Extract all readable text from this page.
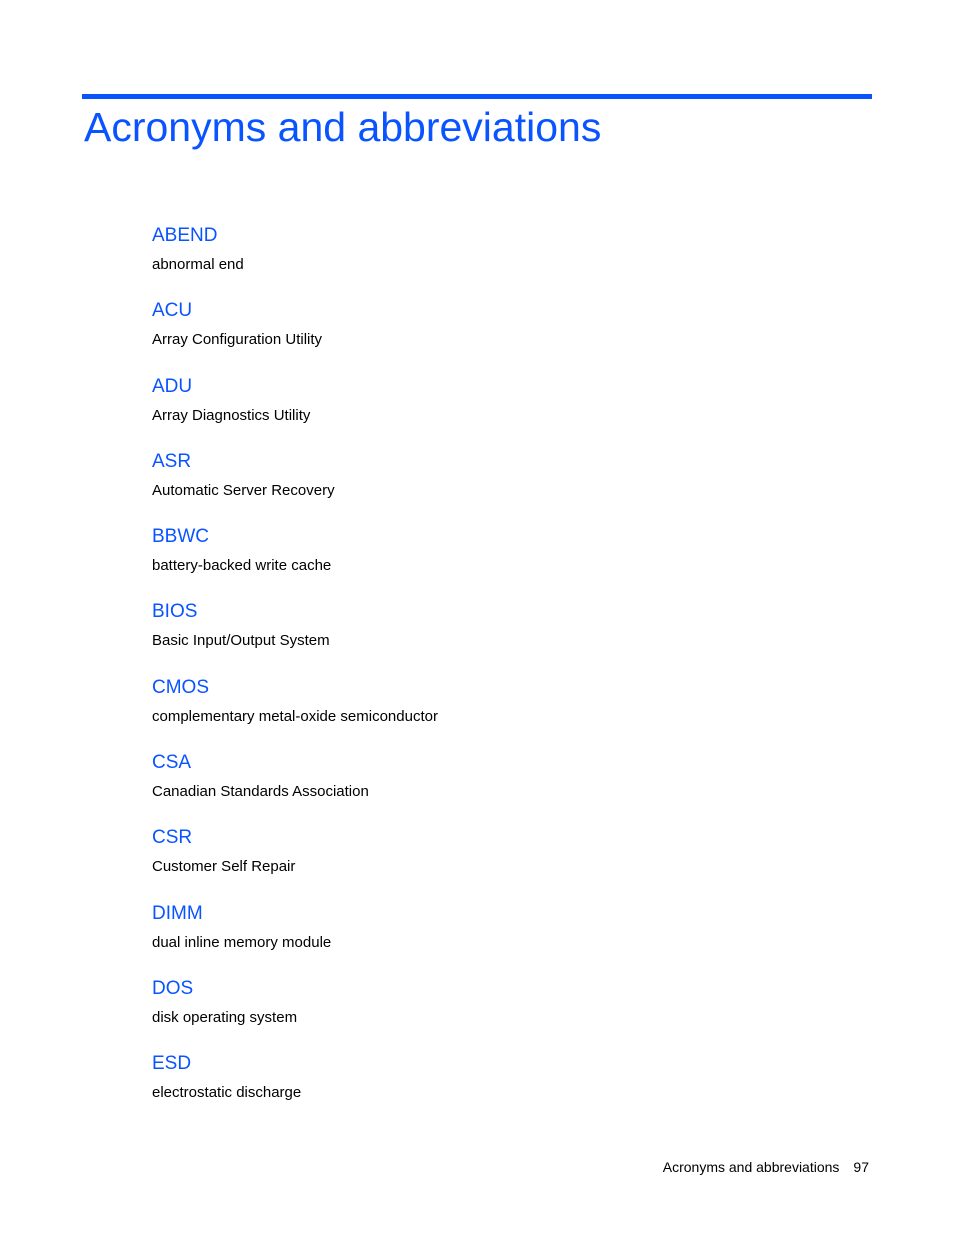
Acronyms and abbreviations
ABEND
abnormal end
ACU
Array Configuration Utility
ADU
Array Diagnostics Utility
ASR
Automatic Server Recovery
BBWC
battery-backed write cache
BIOS
Basic Input/Output System
CMOS
complementary metal-oxide semiconductor
CSA
Canadian Standards Association
CSR
Customer Self Repair
DIMM
dual inline memory module
DOS
disk operating system
ESD
electrostatic discharge
Acronyms and abbreviations 97
